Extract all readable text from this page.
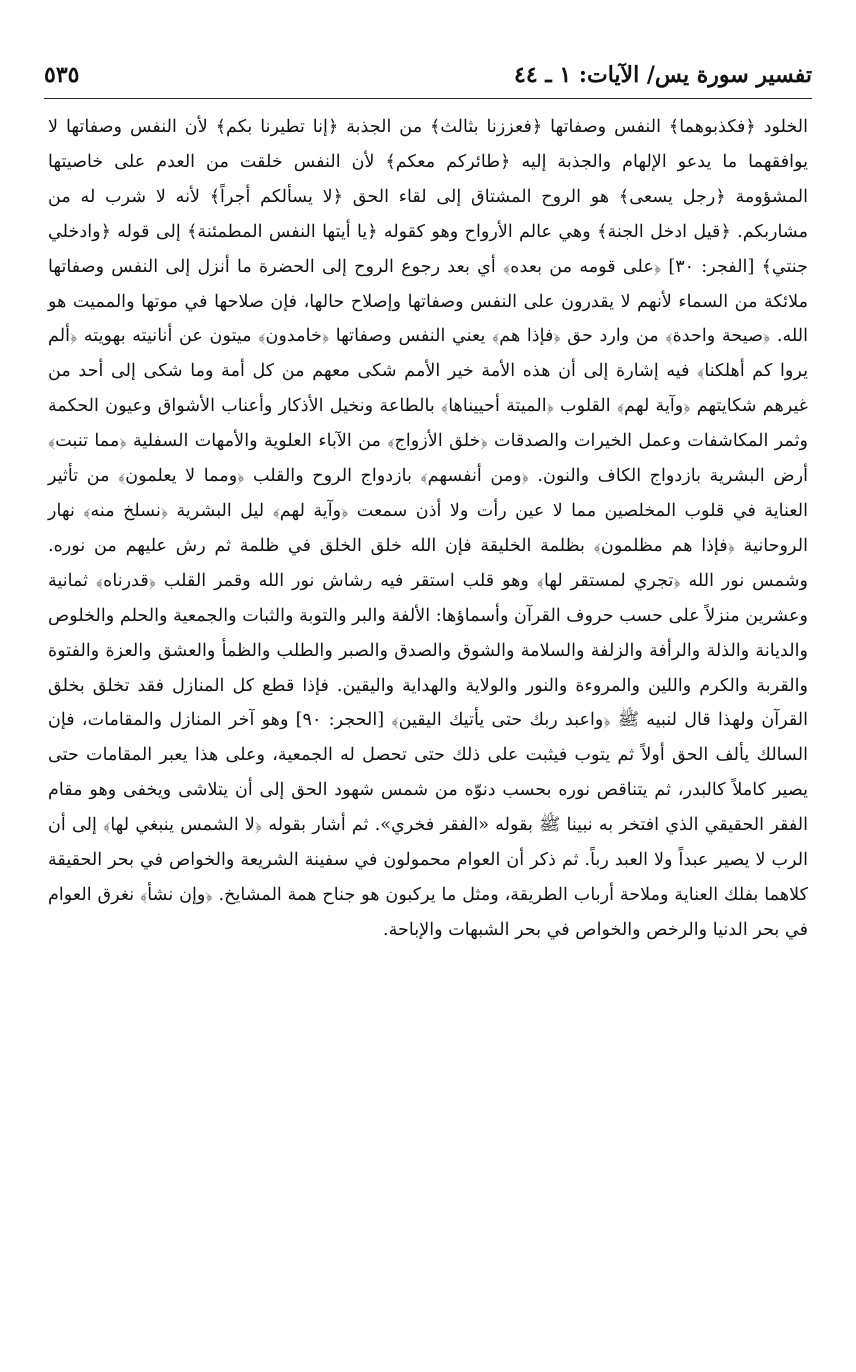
تفسير سورة يس/ الآيات: ١ ـ ٤٤
٥٣٥

الخلود ﴿فكذبوهما﴾ النفس وصفاتها ﴿فعززنا بثالث﴾ من الجذبة ﴿إنا تطيرنا بكم﴾ لأن النفس وصفاتها لا يوافقهما ما يدعو الإلهام والجذبة إليه ﴿طائركم معكم﴾ لأن النفس خلقت من العدم على خاصيتها المشؤومة ﴿رجل يسعى﴾ هو الروح المشتاق إلى لقاء الحق ﴿لا يسألكم أجراً﴾ لأنه لا شرب له من مشاربكم. ﴿قيل ادخل الجنة﴾ وهي عالم الأرواح وهو كقوله ﴿يا أيتها النفس المطمئنة﴾ إلى قوله ﴿وادخلي جنتي﴾ [الفجر: ٣٠] ﴿على قومه من بعده﴾ أي بعد رجوع الروح إلى الحضرة ما أنزل إلى النفس وصفاتها ملائكة من السماء لأنهم لا يقدرون على النفس وصفاتها وإصلاح حالها، فإن صلاحها في موتها والمميت هو الله. ﴿صيحة واحدة﴾ من وارد حق ﴿فإذا هم﴾ يعني النفس وصفاتها ﴿خامدون﴾ ميتون عن أنانيته بهويته ﴿ألم يروا كم أهلكنا﴾ فيه إشارة إلى أن هذه الأمة خير الأمم شكى معهم من كل أمة وما شكى إلى أحد من غيرهم شكايتهم ﴿وآية لهم﴾ القلوب ﴿الميتة أحييناها﴾ بالطاعة ونخيل الأذكار وأعناب الأشواق وعيون الحكمة وثمر المكاشفات وعمل الخيرات والصدقات ﴿خلق الأزواج﴾ من الآباء العلوية والأمهات السفلية ﴿مما تنبت﴾ أرض البشرية بازدواج الكاف والنون. ﴿ومن أنفسهم﴾ بازدواج الروح والقلب ﴿ومما لا يعلمون﴾ من تأثير العناية في قلوب المخلصين مما لا عين رأت ولا أذن سمعت ﴿وآية لهم﴾ ليل البشرية ﴿نسلخ منه﴾ نهار الروحانية ﴿فإذا هم مظلمون﴾ بظلمة الخليقة فإن الله خلق الخلق في ظلمة ثم رش عليهم من نوره. وشمس نور الله ﴿تجري لمستقر لها﴾ وهو قلب استقر فيه رشاش نور الله وقمر القلب ﴿قدرناه﴾ ثمانية وعشرين منزلاً على حسب حروف القرآن وأسماؤها: الألفة والبر والتوبة والثبات والجمعية والحلم والخلوص والديانة والذلة والرأفة والزلفة والسلامة والشوق والصدق والصبر والطلب والظمأ والعشق والعزة والفتوة والقربة والكرم واللين والمروءة والنور والولاية والهداية واليقين. فإذا قطع كل المنازل فقد تخلق بخلق القرآن ولهذا قال لنبيه ﷺ ﴿واعبد ربك حتى يأتيك اليقين﴾ [الحجر: ٩٠] وهو آخر المنازل والمقامات، فإن السالك يألف الحق أولاً ثم يتوب فيثبت على ذلك حتى تحصل له الجمعية، وعلى هذا يعبر المقامات حتى يصير كاملاً كالبدر، ثم يتناقص نوره بحسب دنوّه من شمس شهود الحق إلى أن يتلاشى ويخفى وهو مقام الفقر الحقيقي الذي افتخر به نبينا ﷺ بقوله «الفقر فخري». ثم أشار بقوله ﴿لا الشمس ينبغي لها﴾ إلى أن الرب لا يصير عبداً ولا العبد رباً. ثم ذكر أن العوام محمولون في سفينة الشريعة والخواص في بحر الحقيقة كلاهما بفلك العناية وملاحة أرباب الطريقة، ومثل ما يركبون هو جناح همة المشايخ. ﴿وإن نشأ﴾ نغرق العوام في بحر الدنيا والرخص والخواص في بحر الشبهات والإباحة.
